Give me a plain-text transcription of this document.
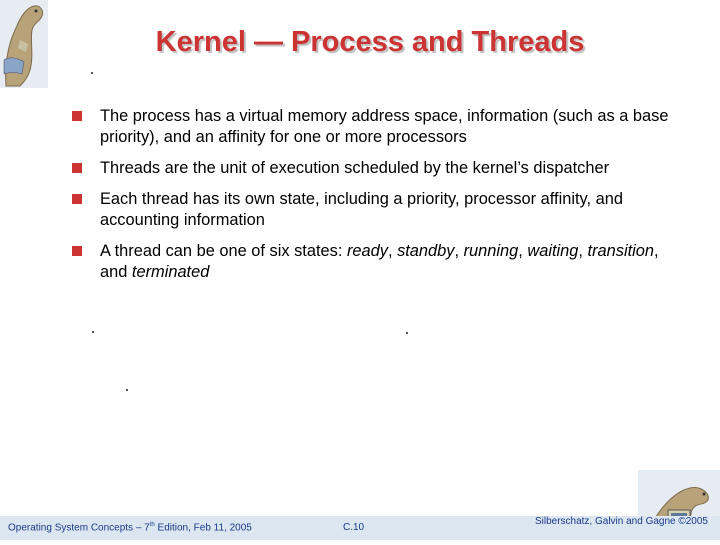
Kernel — Process and Threads
The process has a virtual memory address space, information (such as a base priority), and an affinity for one or more processors
Threads are the unit of execution scheduled by the kernel’s dispatcher
Each thread has its own state, including a priority, processor affinity, and accounting information
A thread can be one of six states: ready, standby, running, waiting, transition, and terminated
Operating System Concepts – 7th Edition, Feb 11, 2005	C.10
Silberschatz, Galvin and Gagne ©2005
